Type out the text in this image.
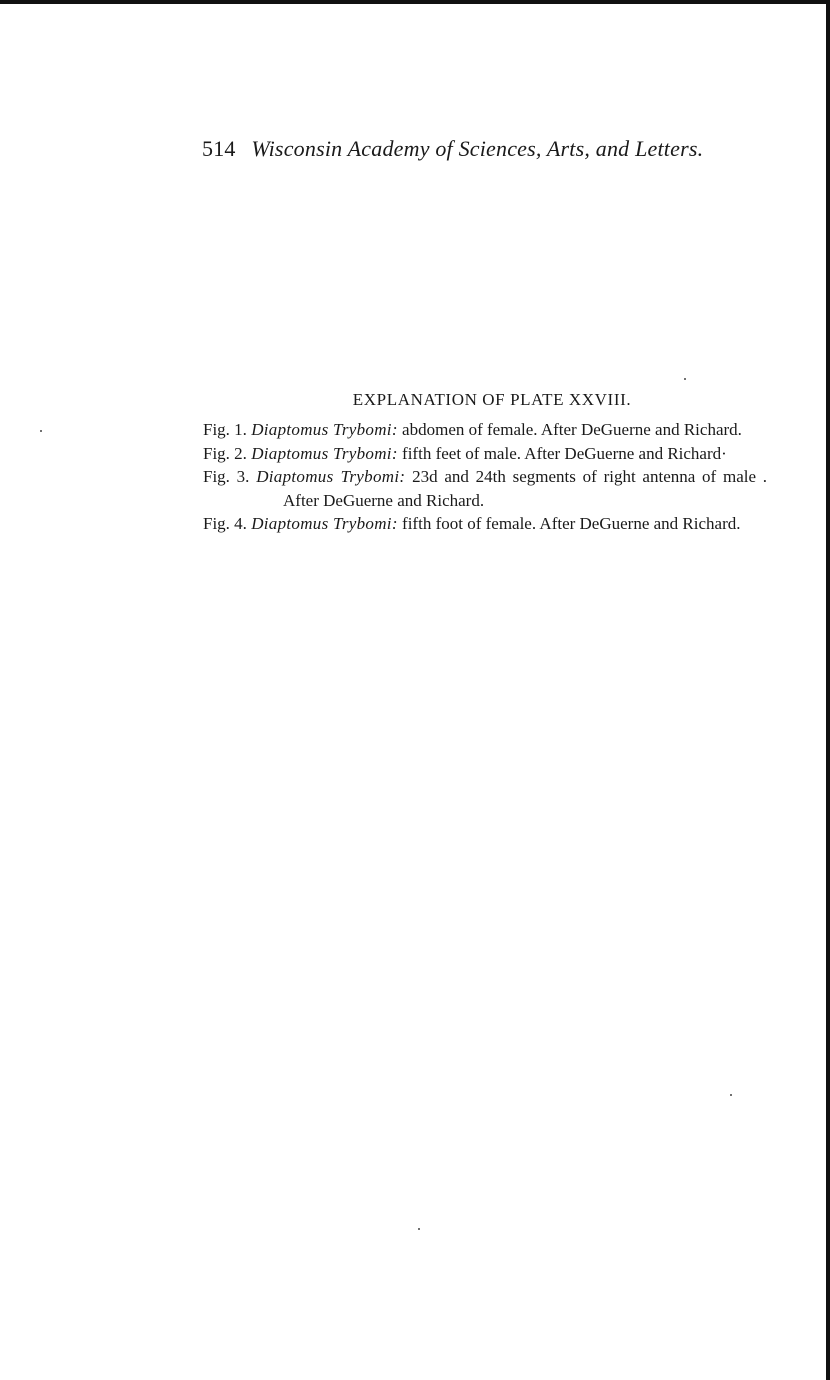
514 Wisconsin Academy of Sciences, Arts, and Letters.
EXPLANATION OF PLATE XXVIII.
Fig. 1. Diaptomus Trybomi: abdomen of female. After DeGuerne and Richard.
Fig. 2. Diaptomus Trybomi: fifth feet of male. After DeGuerne and Richard·
Fig. 3. Diaptomus Trybomi: 23d and 24th segments of right antenna of male . After DeGuerne and Richard.
Fig. 4. Diaptomus Trybomi: fifth foot of female. After DeGuerne and Richard.
